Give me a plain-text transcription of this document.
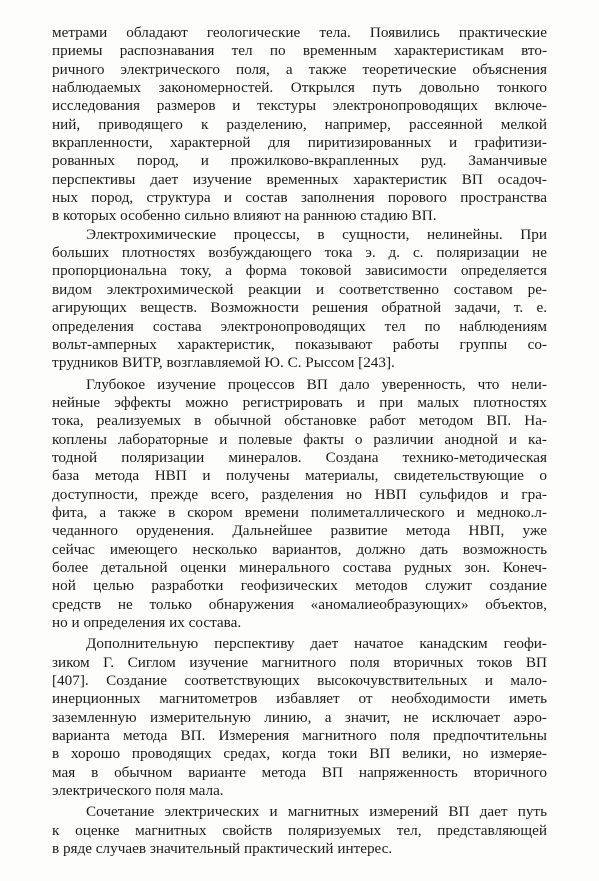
метрами обладают геологические тела. Появились практические
приемы распознавания тел по временным характеристикам вто-
ричного электрического поля, а также теоретические объяснения
наблюдаемых закономерностей. Открылся путь довольно тонкого
исследования размеров и текстуры электронопроводящих включе-
ний, приводящего к разделению, например, рассеянной мелкой
вкрапленности, характерной для пиритизированных и графитизи-
рованных пород, и прожилково-вкрапленных руд. Заманчивые
перспективы дает изучение временных характеристик ВП осадоч-
ных пород, структура и состав заполнения порового пространства
в которых особенно сильно влияют на раннюю стадию ВП.
Электрохимические процессы, в сущности, нелинейны. При
больших плотностях возбуждающего тока э. д. с. поляризации не
пропорциональна току, а форма токовой зависимости определяется
видом электрохимической реакции и соответственно составом ре-
агирующих веществ. Возможности решения обратной задачи, т. е.
определения состава электронопроводящих тел по наблюдениям
вольт-амперных характеристик, показывают работы группы со-
трудников ВИТР, возглавляемой Ю. С. Рыссом [243].
Глубокое изучение процессов ВП дало уверенность, что нели-
нейные эффекты можно регистрировать и при малых плотностях
тока, реализуемых в обычной обстановке работ методом ВП. На-
коплены лабораторные и полевые факты о различии анодной и ка-
тодной поляризации минералов. Создана технико-методическая
база метода НВП и получены материалы, свидетельствующие о
доступности, прежде всего, разделения но НВП сульфидов и гра-
фита, а также в скором времени полиметаллического и медноко.л-
чеданного оруденения. Дальнейшее развитие метода НВП, уже
сейчас имеющего несколько вариантов, должно дать возможность
более детальной оценки минерального состава рудных зон. Конеч-
ной целью разработки геофизических методов служит создание
средств не только обнаружения «аномалиеобразующих» объектов,
но и определения их состава.
Дополнительную перспективу дает начатое канадским геофи-
зиком Г. Сиглом изучение магнитного поля вторичных токов ВП
[407]. Создание соответствующих высокочувствительных и мало-
инерционных магнитометров избавляет от необходимости иметь
заземленную измерительную линию, а значит, не исключает аэро-
варианта метода ВП. Измерения магнитного поля предпочтительны
в хорошо проводящих средах, когда токи ВП велики, но измеряе-
мая в обычном варианте метода ВП напряженность вторичного
электрического поля мала.
Сочетание электрических и магнитных измерений ВП дает путь
к оценке магнитных свойств поляризуемых тел, представляющей
в ряде случаев значительный практический интерес.
